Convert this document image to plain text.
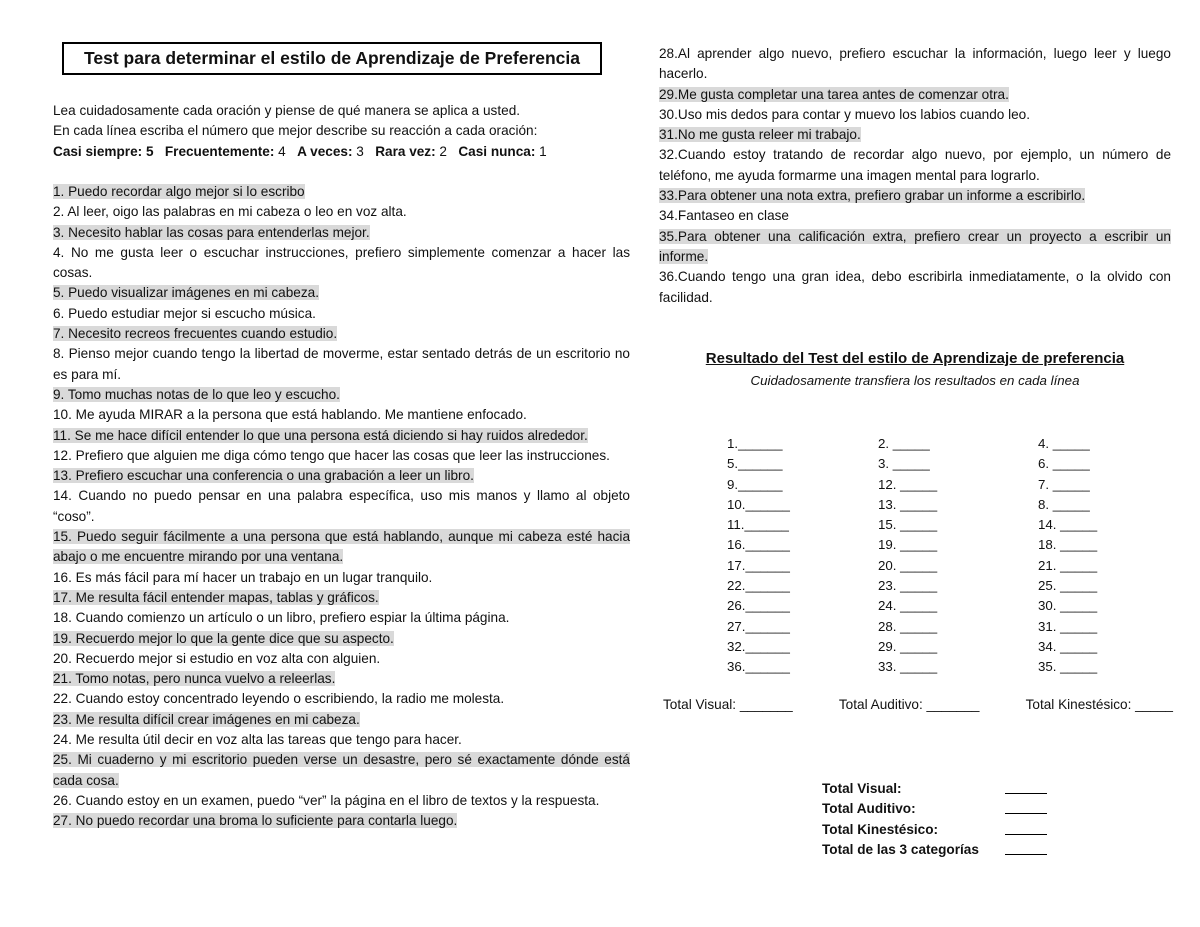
Test para determinar el estilo de Aprendizaje de Preferencia
Lea cuidadosamente cada oración y piense de qué manera se aplica a usted.
En cada línea escriba el número que mejor describe su reacción a cada oración:
Casi siempre: 5 Frecuentemente: 4 A veces: 3 Rara vez: 2 Casi nunca: 1

1. Puedo recordar algo mejor si lo escribo

2. Al leer, oigo las palabras en mi cabeza o leo en voz alta.

3. Necesito hablar las cosas para entenderlas mejor.

4. No me gusta leer o escuchar instrucciones, prefiero simplemente comenzar a hacer las cosas.

5. Puedo visualizar imágenes en mi cabeza.

6. Puedo estudiar mejor si escucho música.

7. Necesito recreos frecuentes cuando estudio.

8. Pienso mejor cuando tengo la libertad de moverme, estar sentado detrás de un escritorio no es para mí.

9. Tomo muchas notas de lo que leo y escucho.

10. Me ayuda MIRAR a la persona que está hablando. Me mantiene enfocado.

11. Se me hace difícil entender lo que una persona está diciendo si hay ruidos alrededor.

12. Prefiero que alguien me diga cómo tengo que hacer las cosas que leer las instrucciones.

13. Prefiero escuchar una conferencia o una grabación a leer un libro.

14. Cuando no puedo pensar en una palabra específica, uso mis manos y llamo al objeto “coso”.

15. Puedo seguir fácilmente a una persona que está hablando, aunque mi cabeza esté hacia abajo o me encuentre mirando por una ventana.

16. Es más fácil para mí hacer un trabajo en un lugar tranquilo.

17. Me resulta fácil entender mapas, tablas y gráficos.

18. Cuando comienzo un artículo o un libro, prefiero espiar la última página.

19. Recuerdo mejor lo que la gente dice que su aspecto.

20. Recuerdo mejor si estudio en voz alta con alguien.

21. Tomo notas, pero nunca vuelvo a releerlas.

22. Cuando estoy concentrado leyendo o escribiendo, la radio me molesta.

23. Me resulta difícil crear imágenes en mi cabeza.

24. Me resulta útil decir en voz alta las tareas que tengo para hacer.

25. Mi cuaderno y mi escritorio pueden verse un desastre, pero sé exactamente dónde está cada cosa.

26. Cuando estoy en un examen, puedo “ver” la página en el libro de textos y la respuesta.

27. No puedo recordar una broma lo suficiente para contarla luego.

28.Al aprender algo nuevo, prefiero escuchar la información, luego leer y luego hacerlo.

29.Me gusta completar una tarea antes de comenzar otra.

30.Uso mis dedos para contar y muevo los labios cuando leo.

31.No me gusta releer mi trabajo.

32.Cuando estoy tratando de recordar algo nuevo, por ejemplo, un número de teléfono, me ayuda formarme una imagen mental para lograrlo.

33.Para obtener una nota extra, prefiero grabar un informe a escribirlo.

34.Fantaseo en clase

35.Para obtener una calificación extra, prefiero crear un proyecto a escribir un informe.

36.Cuando tengo una gran idea, debo escribirla inmediatamente, o la olvido con facilidad.

Resultado del Test del estilo de Aprendizaje de preferencia
Cuidadosamente transfiera los resultados en cada línea
1.______
5.______
9.______
10.______
11.______
16.______
17.______
22.______
26.______
27.______
32.______
36.______
2. _____
3. _____
12. _____
13. _____
15. _____
19. _____
20. _____
23. _____
24. _____
28. _____
29. _____
33. _____
4. _____
6. _____
7. _____
8. _____
14. _____
18. _____
21. _____
25. _____
30. _____
31. _____
34. _____
35. _____
Total Visual: _______	Total Auditivo: _______	Total Kinestésico: _____
Total Visual:
Total Auditivo:
Total Kinestésico:
Total de las 3 categorías
